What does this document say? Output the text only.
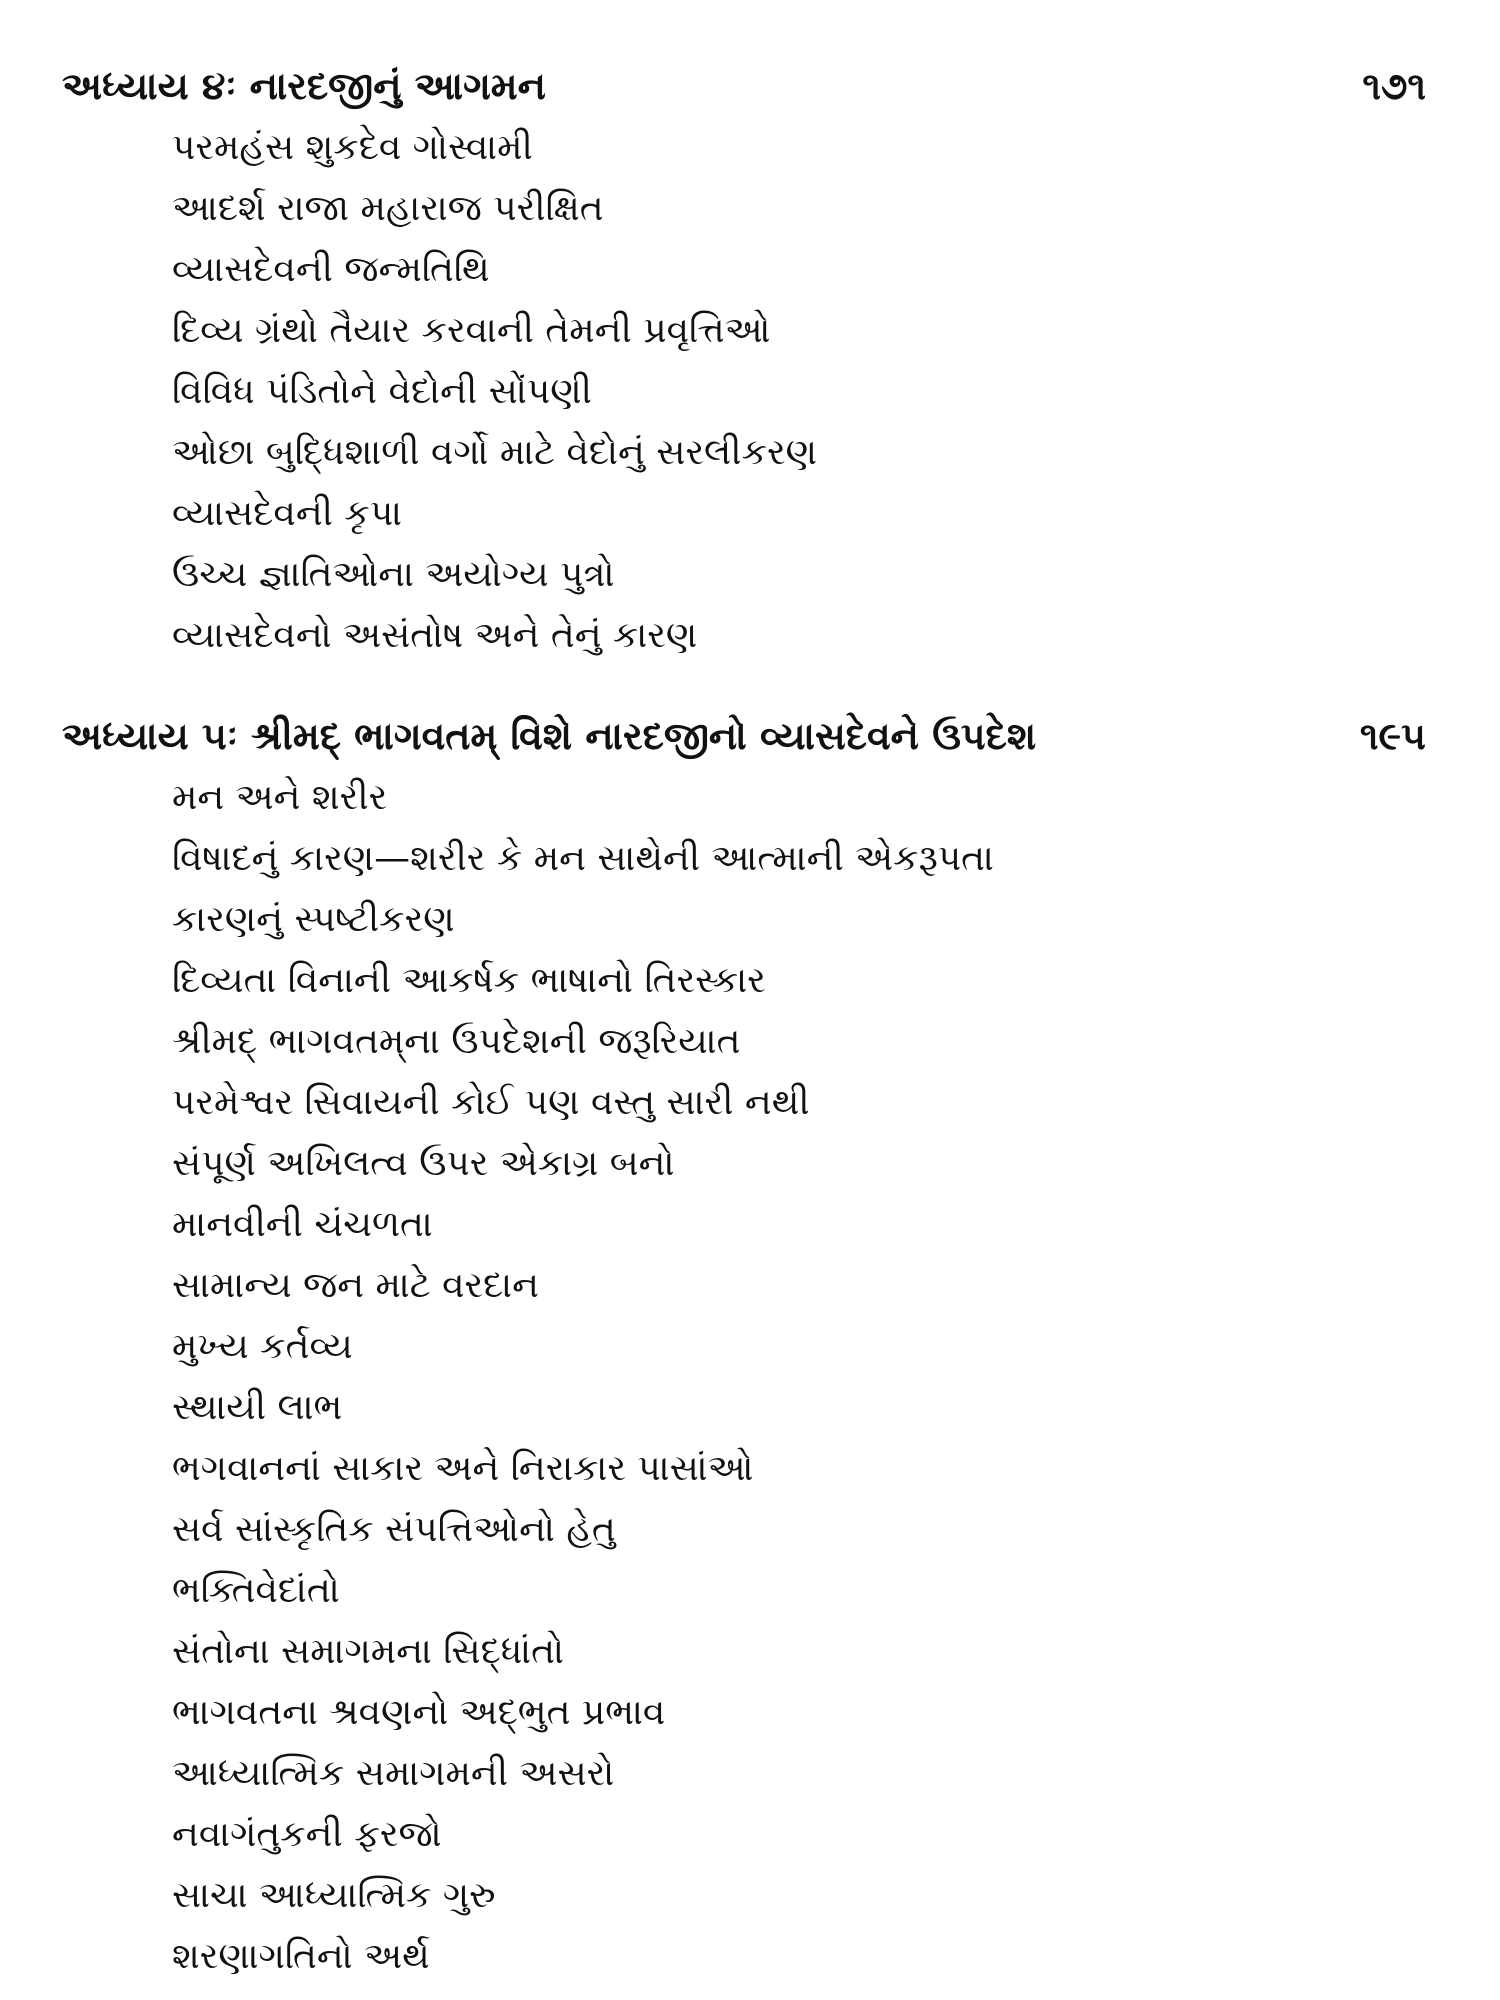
અધ્યાય ૪ઃ નારદજીનું આગમન	૧૭૧
પરમહંસ શુકદેવ ગોસ્વામી
આદર્શ રાજા મહારાજ પરીક્ષિત
વ્યાસદેવની જન્મતિથિ
દિવ્ય ગ્રંથો તૈયાર કરવાની તેમની પ્રવૃત્તિઓ
વિવિધ પંડિતોને વેદોની સોંપણી
ઓછા બુદ્ધિશાળી વર્ગો માટે વેદોનું સરલીકરણ
વ્યાસદેવની કૃપા
ઉચ્ચ જ્ઞાતિઓના અયોગ્ય પુત્રો
વ્યાસદેવનો અસંતોષ અને તેનું કારણ
અધ્યાય ૫ઃ શ્રીમદ્ ભાગવતમ્ વિશે નારદજીનો વ્યાસદેવને ઉપદેશ	૧૯૫
મન અને શરીર
વિષાદનું કારણ—શરીર કે મન સાથેની આત્માની એકરૂપતા
કારણનું સ્પષ્ટીકરણ
દિવ્યતા વિનાની આકર્ષક ભાષાનો તિરસ્કાર
શ્રીમદ્ ભાગવતમ્‌ના ઉપદેશની જરૂરિયાત
પરમેશ્વર સિવાયની કોઈ પણ વસ્તુ સારી નથી
સંપૂર્ણ અખિલત્વ ઉપર એકાગ્ર બનો
માનવીની ચંચળતા
સામાન્ય જન માટે વરદાન
મુખ્ય કર્તવ્ય
સ્થાયી લાભ
ભગવાનનાં સાકાર અને નિરાકાર પાસાંઓ
સર્વ સાંસ્કૃતિક સંપત્તિઓનો હેતુ
ભક્તિવેદાંતો
સંતોના સમાગમના સિદ્ધાંતો
ભાગવતના શ્રવણનો અદ્ભુત પ્રભાવ
આધ્યાત્મિક સમાગમની અસરો
નવાગંતુકની ફરજો
સાચા આધ્યાત્મિક ગુરુ
શરણાગતિનો અર્થ
